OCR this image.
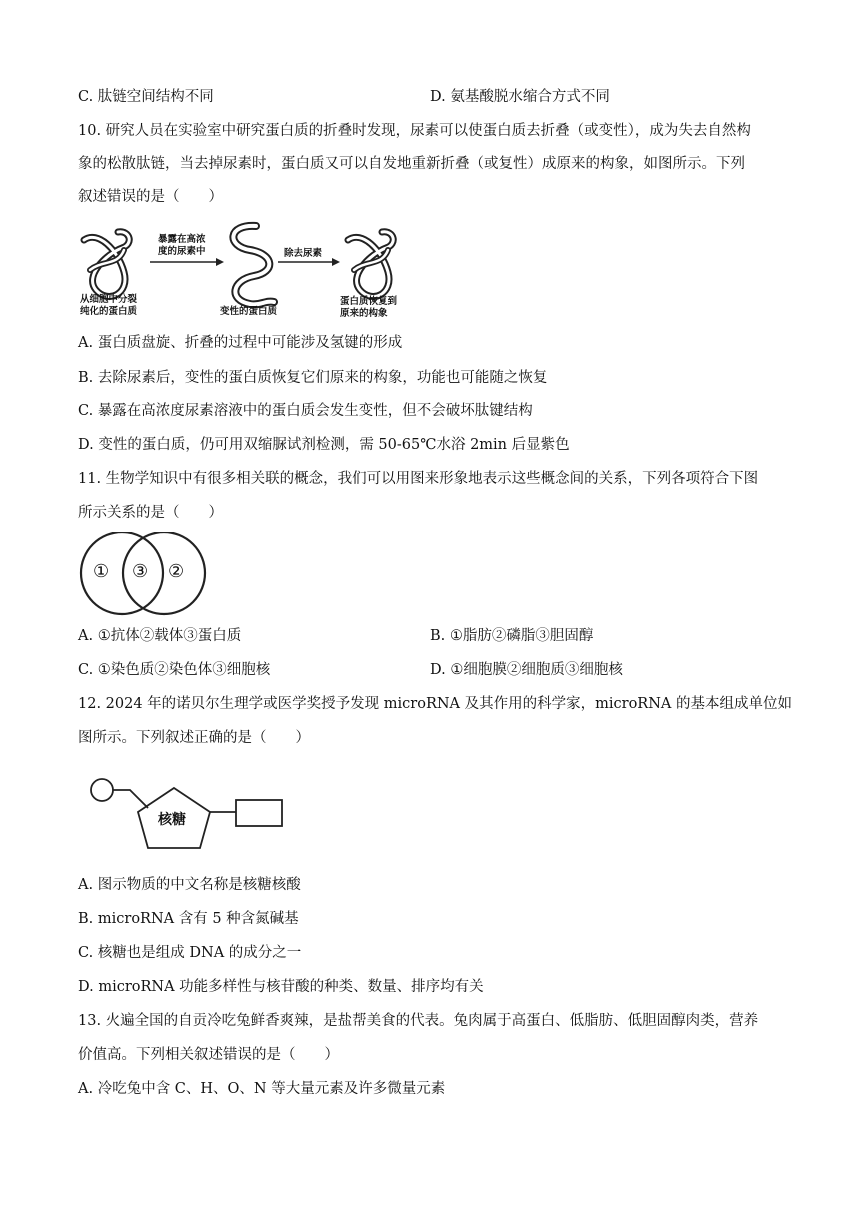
C. 肽链空间结构不同	D. 氨基酸脱水缩合方式不同
10. 研究人员在实验室中研究蛋白质的折叠时发现，尿素可以使蛋白质去折叠（或变性），成为失去自然构
象的松散肽链，当去掉尿素时，蛋白质又可以自发地重新折叠（或复性）成原来的构象，如图所示。下列
叙述错误的是（　　）
从细胞中分裂
纯化的蛋白质
暴露在高浓
度的尿素中
变性的蛋白质
除去尿素
蛋白质恢复到
原来的构象
A. 蛋白质盘旋、折叠的过程中可能涉及氢键的形成
B. 去除尿素后，变性的蛋白质恢复它们原来的构象，功能也可能随之恢复
C. 暴露在高浓度尿素溶液中的蛋白质会发生变性，但不会破坏肽键结构
D. 变性的蛋白质，仍可用双缩脲试剂检测，需 50-65℃水浴 2min 后显紫色
11. 生物学知识中有很多相关联的概念，我们可以用图来形象地表示这些概念间的关系，下列各项符合下图
所示关系的是（　　）
① ③ ②
A. ①抗体②载体③蛋白质	B. ①脂肪②磷脂③胆固醇
C. ①染色质②染色体③细胞核	D. ①细胞膜②细胞质③细胞核
12. 2024 年的诺贝尔生理学或医学奖授予发现 microRNA 及其作用的科学家，microRNA 的基本组成单位如
图所示。下列叙述正确的是（　　）
核糖
A. 图示物质的中文名称是核糖核酸
B. microRNA 含有 5 种含氮碱基
C. 核糖也是组成 DNA 的成分之一
D. microRNA 功能多样性与核苷酸的种类、数量、排序均有关
13. 火遍全国的自贡冷吃兔鲜香爽辣，是盐帮美食的代表。兔肉属于高蛋白、低脂肪、低胆固醇肉类，营养
价值高。下列相关叙述错误的是（　　）
A. 冷吃兔中含 C、H、O、N 等大量元素及许多微量元素
